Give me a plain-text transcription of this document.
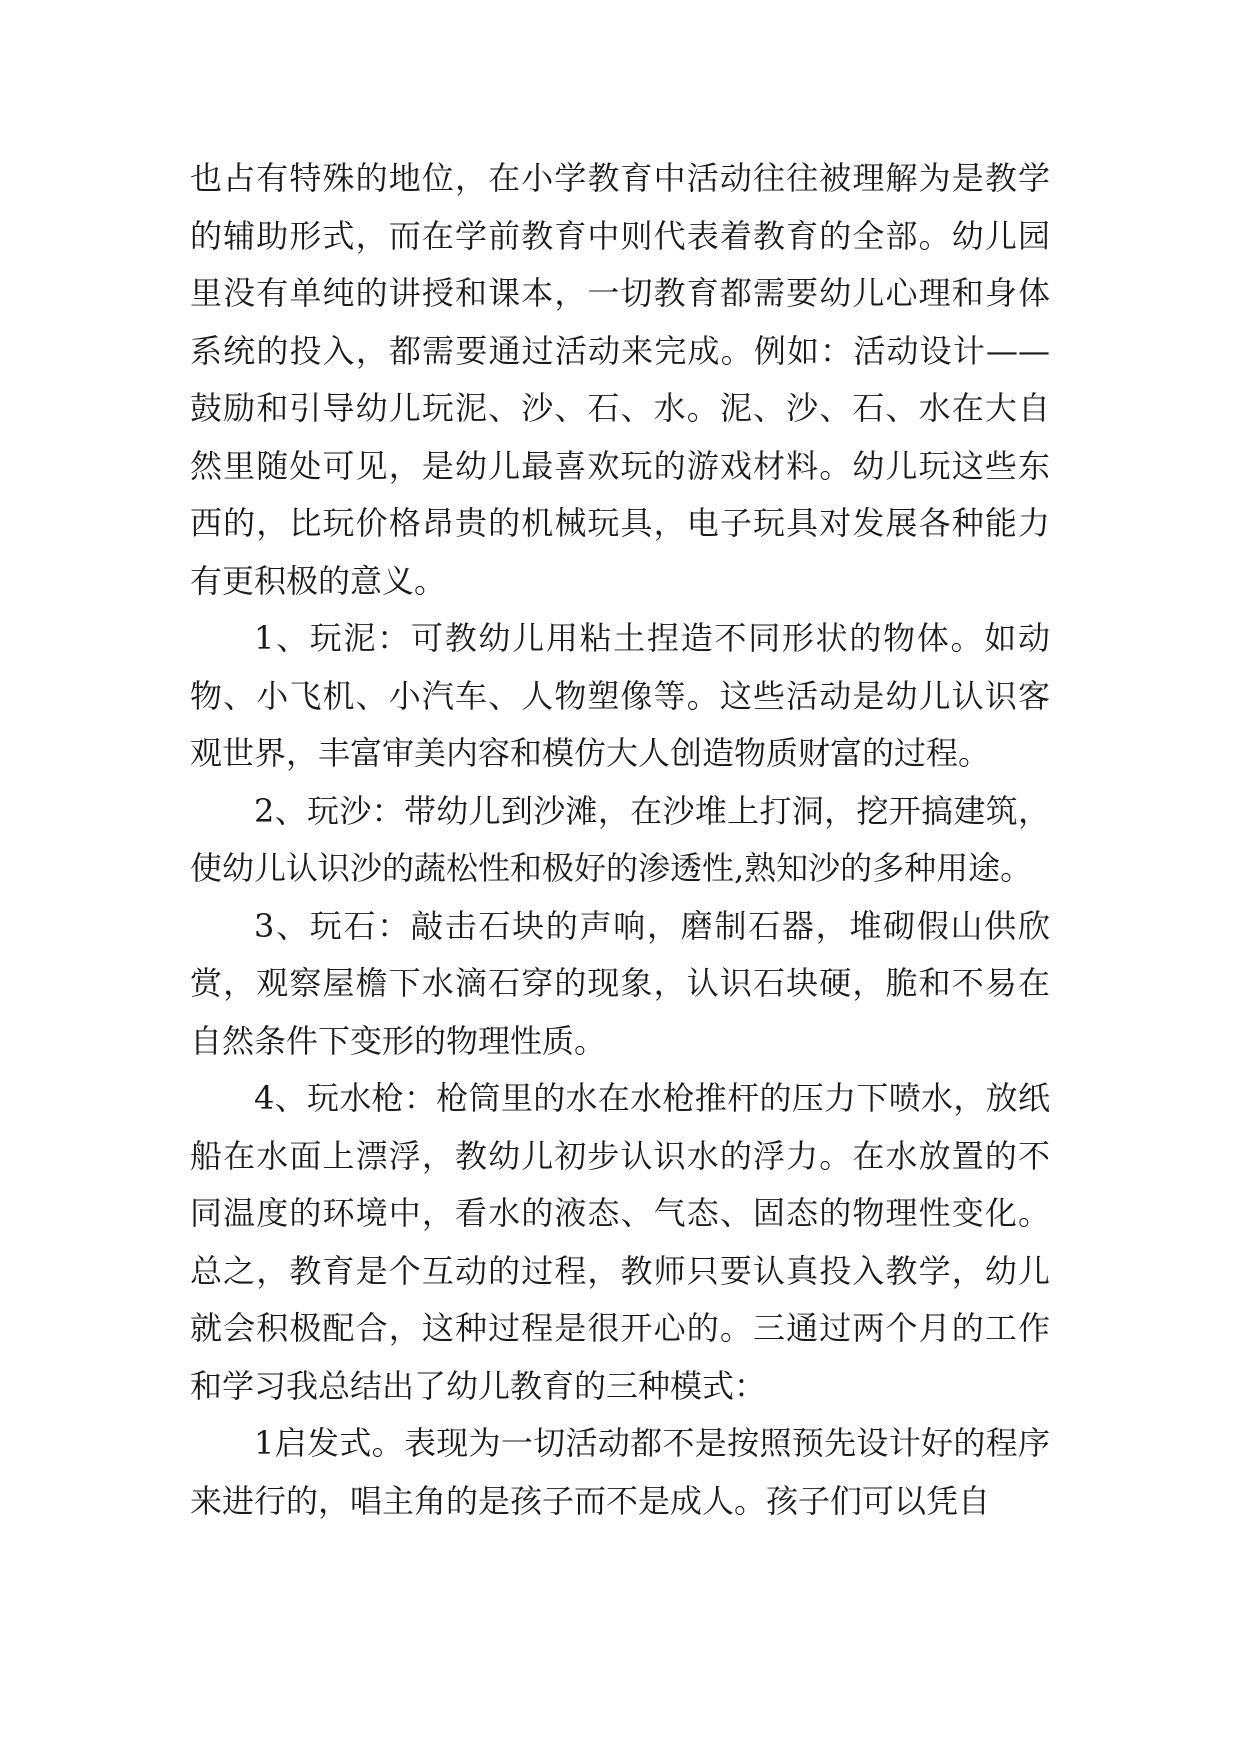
也占有特殊的地位，在小学教育中活动往往被理解为是教学的辅助形式，而在学前教育中则代表着教育的全部。幼儿园里没有单纯的讲授和课本，一切教育都需要幼儿心理和身体系统的投入，都需要通过活动来完成。例如：活动设计——鼓励和引导幼儿玩泥、沙、石、水。泥、沙、石、水在大自然里随处可见，是幼儿最喜欢玩的游戏材料。幼儿玩这些东西的，比玩价格昂贵的机械玩具，电子玩具对发展各种能力有更积极的意义。

1、玩泥：可教幼儿用粘土捏造不同形状的物体。如动物、小飞机、小汽车、人物塑像等。这些活动是幼儿认识客观世界，丰富审美内容和模仿大人创造物质财富的过程。

2、玩沙：带幼儿到沙滩，在沙堆上打洞，挖开搞建筑，使幼儿认识沙的蔬松性和极好的渗透性,熟知沙的多种用途。

3、玩石：敲击石块的声响，磨制石器，堆砌假山供欣赏，观察屋檐下水滴石穿的现象，认识石块硬，脆和不易在自然条件下变形的物理性质。

4、玩水枪：枪筒里的水在水枪推杆的压力下喷水，放纸船在水面上漂浮，教幼儿初步认识水的浮力。在水放置的不同温度的环境中，看水的液态、气态、固态的物理性变化。总之，教育是个互动的过程，教师只要认真投入教学，幼儿就会积极配合，这种过程是很开心的。三通过两个月的工作和学习我总结出了幼儿教育的三种模式：

1启发式。表现为一切活动都不是按照预先设计好的程序来进行的，唱主角的是孩子而不是成人。孩子们可以凭自
